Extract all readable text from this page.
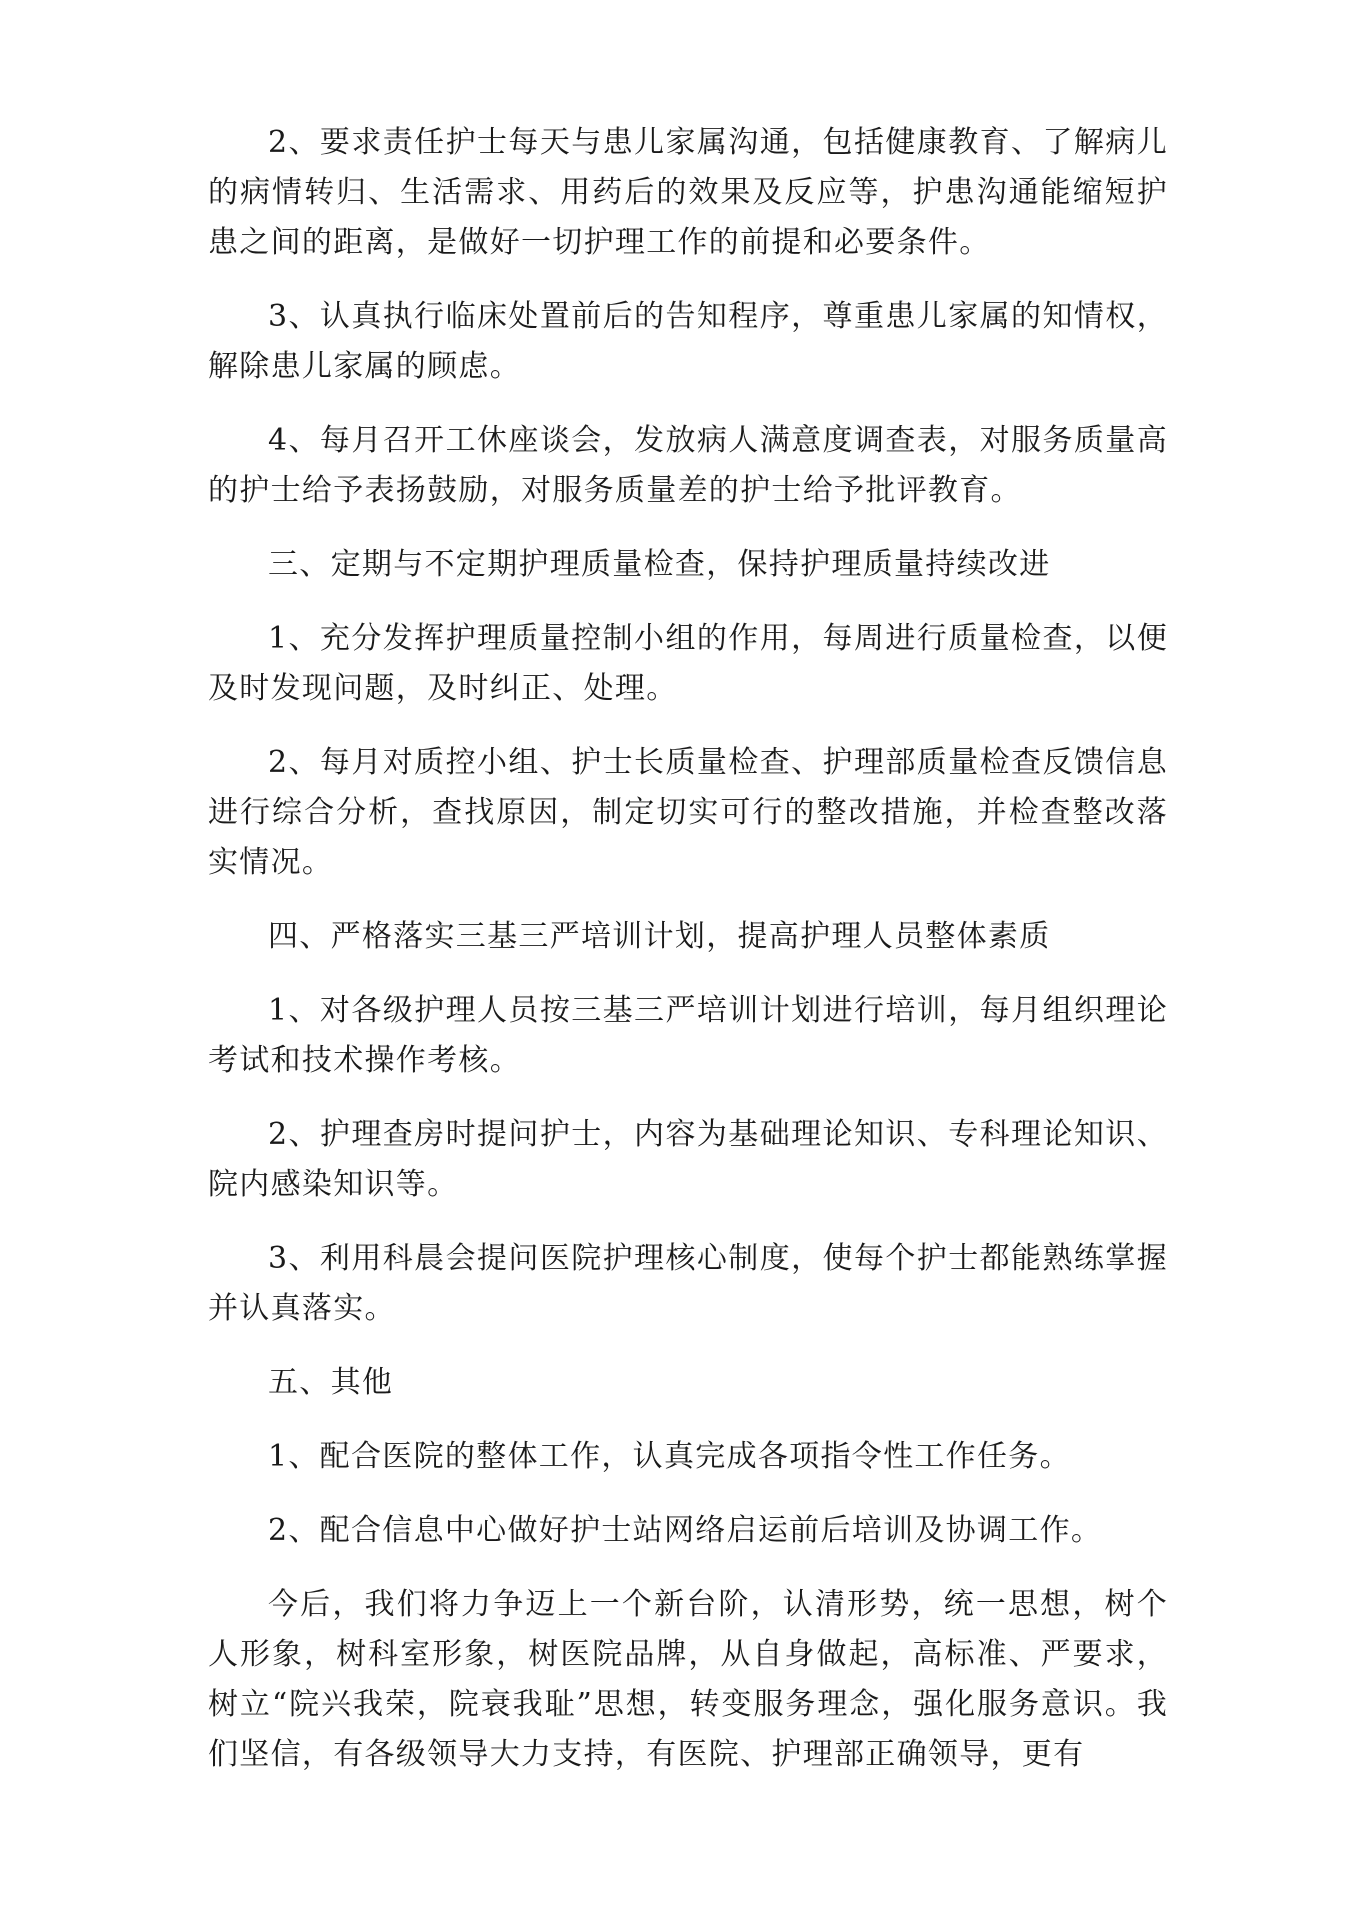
2、要求责任护士每天与患儿家属沟通，包括健康教育、了解病儿的病情转归、生活需求、用药后的效果及反应等，护患沟通能缩短护患之间的距离，是做好一切护理工作的前提和必要条件。

3、认真执行临床处置前后的告知程序，尊重患儿家属的知情权，解除患儿家属的顾虑。

4、每月召开工休座谈会，发放病人满意度调查表，对服务质量高的护士给予表扬鼓励，对服务质量差的护士给予批评教育。

三、定期与不定期护理质量检查，保持护理质量持续改进

1、充分发挥护理质量控制小组的作用，每周进行质量检查，以便及时发现问题，及时纠正、处理。

2、每月对质控小组、护士长质量检查、护理部质量检查反馈信息进行综合分析，查找原因，制定切实可行的整改措施，并检查整改落实情况。

四、严格落实三基三严培训计划，提高护理人员整体素质

1、对各级护理人员按三基三严培训计划进行培训，每月组织理论考试和技术操作考核。

2、护理查房时提问护士，内容为基础理论知识、专科理论知识、院内感染知识等。

3、利用科晨会提问医院护理核心制度，使每个护士都能熟练掌握并认真落实。

五、其他

1、配合医院的整体工作，认真完成各项指令性工作任务。

2、配合信息中心做好护士站网络启运前后培训及协调工作。

今后，我们将力争迈上一个新台阶，认清形势，统一思想，树个人形象，树科室形象，树医院品牌，从自身做起，高标准、严要求，树立“院兴我荣，院衰我耻”思想，转变服务理念，强化服务意识。我们坚信，有各级领导大力支持，有医院、护理部正确领导，更有
